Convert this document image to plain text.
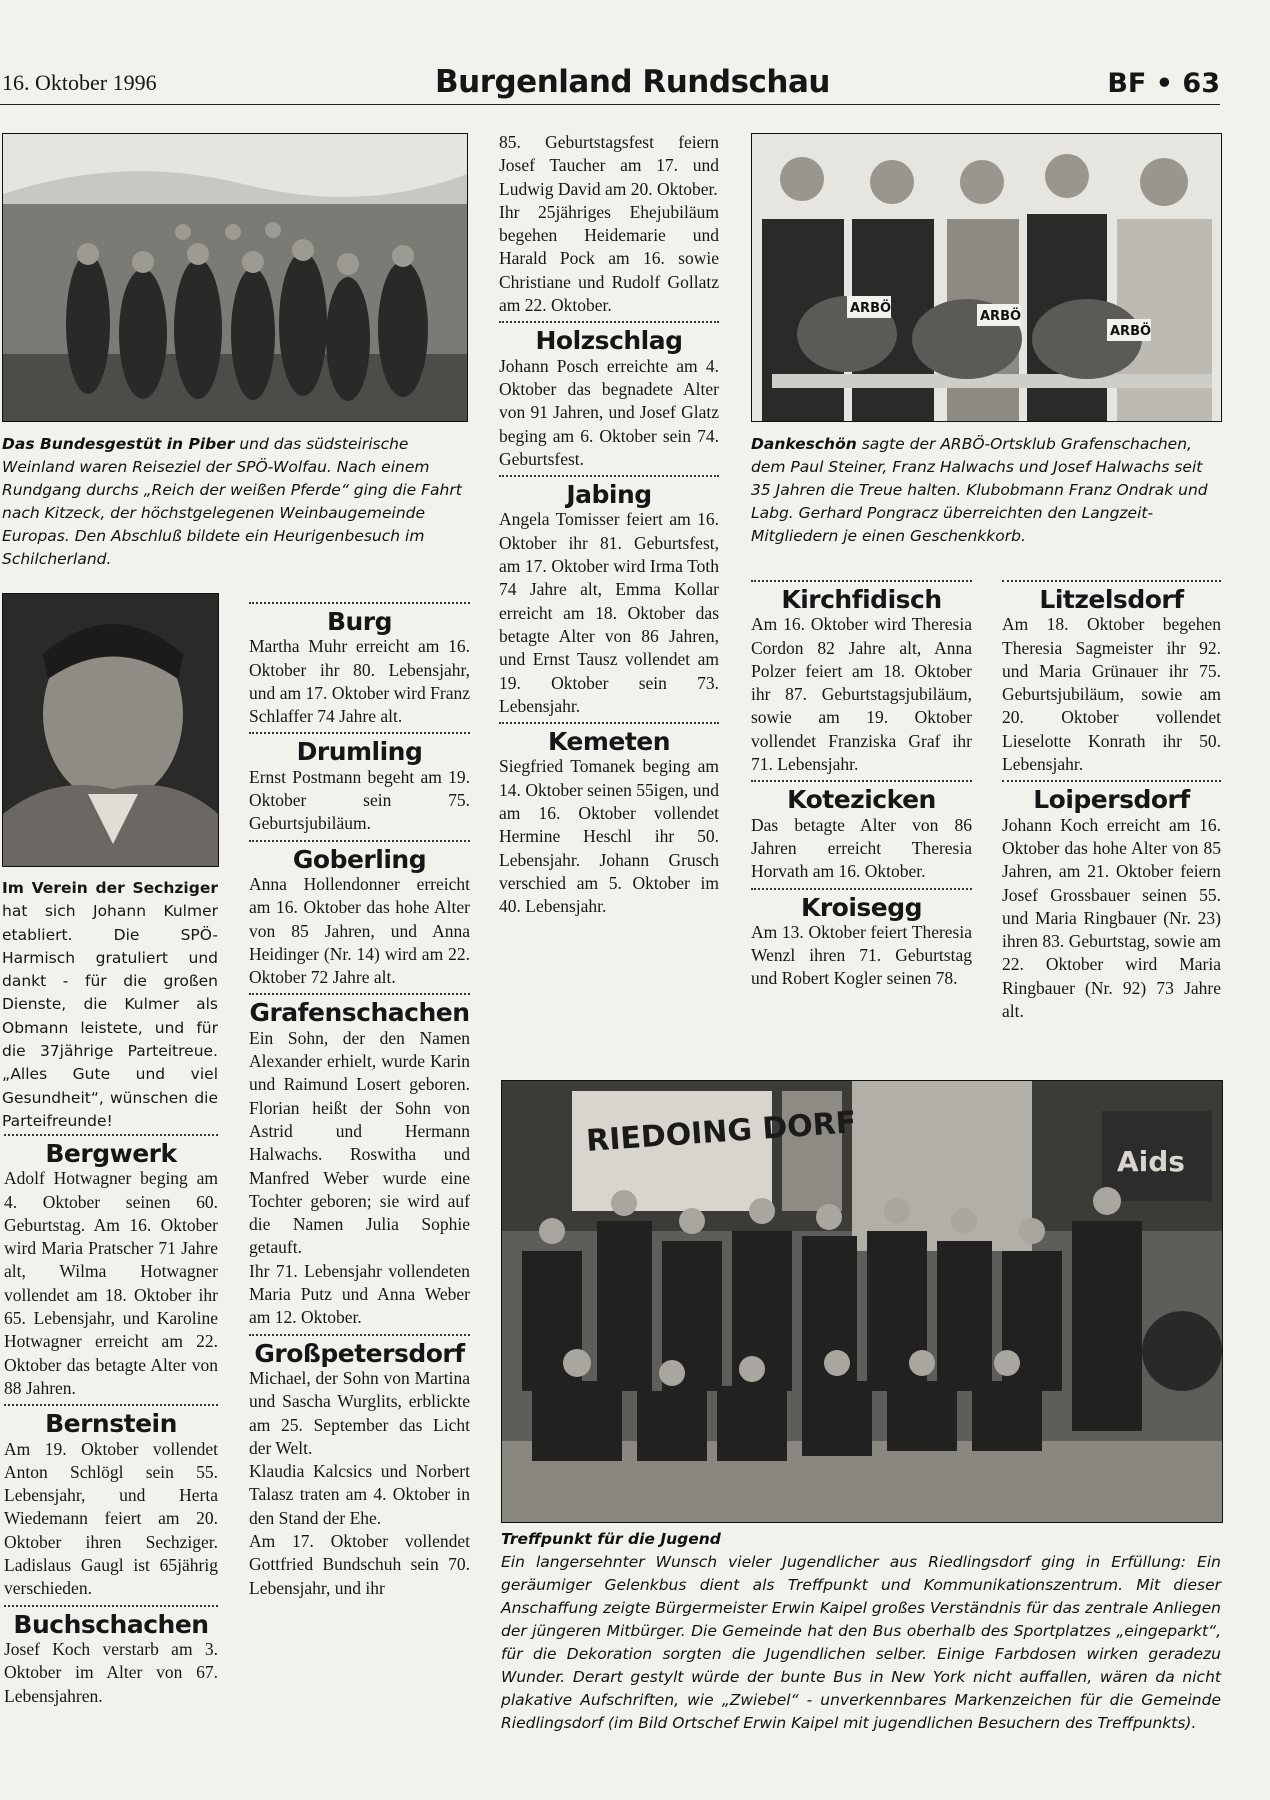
16. Oktober 1996	Burgenland Rundschau	BF • 63
Das Bundesgestüt in Piber und das südsteirische Weinland waren Reiseziel der SPÖ-Wolfau. Nach einem Rundgang durchs „Reich der weißen Pferde“ ging die Fahrt nach Kitzeck, der höchstgelegenen Weinbaugemeinde Europas. Den Abschluß bildete ein Heurigenbesuch im Schilcherland.
ARBÖ
ARBÖ
ARBÖ
Dankeschön sagte der ARBÖ-Ortsklub Grafenschachen, dem Paul Steiner, Franz Halwachs und Josef Halwachs seit 35 Jahren die Treue halten. Klubobmann Franz Ondrak und Labg. Gerhard Pongracz überreichten den Langzeit-Mitgliedern je einen Geschenkkorb.
Im Verein der Sechziger hat sich Johann Kulmer etabliert. Die SPÖ-Harmisch gratuliert und dankt - für die großen Dienste, die Kulmer als Obmann leistete, und für die 37jährige Parteitreue. „Alles Gute und viel Gesundheit“, wünschen die Parteifreunde!
Bergwerk

Adolf Hotwagner beging am 4. Oktober seinen 60. Geburtstag. Am 16. Oktober wird Maria Pratscher 71 Jahre alt, Wilma Hotwagner vollendet am 18. Oktober ihr 65. Lebensjahr, und Karoline Hotwagner erreicht am 22. Oktober das betagte Alter von 88 Jahren.

Bernstein

Am 19. Oktober vollendet Anton Schlögl sein 55. Lebensjahr, und Herta Wiedemann feiert am 20. Oktober ihren Sechziger. Ladislaus Gaugl ist 65jährig verschieden.

Buchschachen

Josef Koch verstarb am 3. Oktober im Alter von 67. Lebensjahren.

Burg

Martha Muhr erreicht am 16. Oktober ihr 80. Lebensjahr, und am 17. Oktober wird Franz Schlaffer 74 Jahre alt.

Drumling

Ernst Postmann begeht am 19. Oktober sein 75. Geburtsjubiläum.

Goberling

Anna Hollendonner erreicht am 16. Oktober das hohe Alter von 85 Jahren, und Anna Heidinger (Nr. 14) wird am 22. Oktober 72 Jahre alt.

Grafenschachen

Ein Sohn, der den Namen Alexander erhielt, wurde Karin und Raimund Losert geboren. Florian heißt der Sohn von Astrid und Hermann Halwachs. Roswitha und Manfred Weber wurde eine Tochter geboren; sie wird auf die Namen Julia Sophie getauft.

Ihr 71. Lebensjahr vollendeten Maria Putz und Anna Weber am 12. Oktober.

Großpetersdorf

Michael, der Sohn von Martina und Sascha Wurglits, erblickte am 25. September das Licht der Welt.

Klaudia Kalcsics und Norbert Talasz traten am 4. Oktober in den Stand der Ehe.

Am 17. Oktober vollendet Gottfried Bundschuh sein 70. Lebensjahr, und ihr

85. Geburtstagsfest feiern Josef Taucher am 17. und Ludwig David am 20. Oktober.

Ihr 25jähriges Ehejubiläum begehen Heidemarie und Harald Pock am 16. sowie Christiane und Rudolf Gollatz am 22. Oktober.

Holzschlag

Johann Posch erreichte am 4. Oktober das begnadete Alter von 91 Jahren, und Josef Glatz beging am 6. Oktober sein 74. Geburtsfest.

Jabing

Angela Tomisser feiert am 16. Oktober ihr 81. Geburtsfest, am 17. Oktober wird Irma Toth 74 Jahre alt, Emma Kollar erreicht am 18. Oktober das betagte Alter von 86 Jahren, und Ernst Tausz vollendet am 19. Oktober sein 73. Lebensjahr.

Kemeten

Siegfried Tomanek beging am 14. Oktober seinen 55igen, und am 16. Oktober vollendet Hermine Heschl ihr 50. Lebensjahr. Johann Grusch verschied am 5. Oktober im 40. Lebensjahr.

Kirchfidisch

Am 16. Oktober wird Theresia Cordon 82 Jahre alt, Anna Polzer feiert am 18. Oktober ihr 87. Geburtstagsjubiläum, sowie am 19. Oktober vollendet Franziska Graf ihr 71. Lebensjahr.

Kotezicken

Das betagte Alter von 86 Jahren erreicht Theresia Horvath am 16. Oktober.

Kroisegg

Am 13. Oktober feiert Theresia Wenzl ihren 71. Geburtstag und Robert Kogler seinen 78.

Litzelsdorf

Am 18. Oktober begehen Theresia Sagmeister ihr 92. und Maria Grünauer ihr 75. Geburtsjubiläum, sowie am 20. Oktober vollendet Lieselotte Konrath ihr 50. Lebensjahr.

Loipersdorf

Johann Koch erreicht am 16. Oktober das hohe Alter von 85 Jahren, am 21. Oktober feiern Josef Grossbauer seinen 55. und Maria Ringbauer (Nr. 23) ihren 83. Geburtstag, sowie am 22. Oktober wird Maria Ringbauer (Nr. 92) 73 Jahre alt.

RIEDOING DORF
Aids
Treffpunkt für die Jugend
Ein langersehnter Wunsch vieler Jugendlicher aus Riedlingsdorf ging in Erfüllung: Ein geräumiger Gelenkbus dient als Treffpunkt und Kommunikationszentrum. Mit dieser Anschaffung zeigte Bürgermeister Erwin Kaipel großes Verständnis für das zentrale Anliegen der jüngeren Mitbürger. Die Gemeinde hat den Bus oberhalb des Sportplatzes „eingeparkt“, für die Dekoration sorgten die Jugendlichen selber. Einige Farbdosen wirken geradezu Wunder. Derart gestylt würde der bunte Bus in New York nicht auffallen, wären da nicht plakative Aufschriften, wie „Zwiebel“ - unverkennbares Markenzeichen für die Gemeinde Riedlingsdorf (im Bild Ortschef Erwin Kaipel mit jugendlichen Besuchern des Treffpunkts).
